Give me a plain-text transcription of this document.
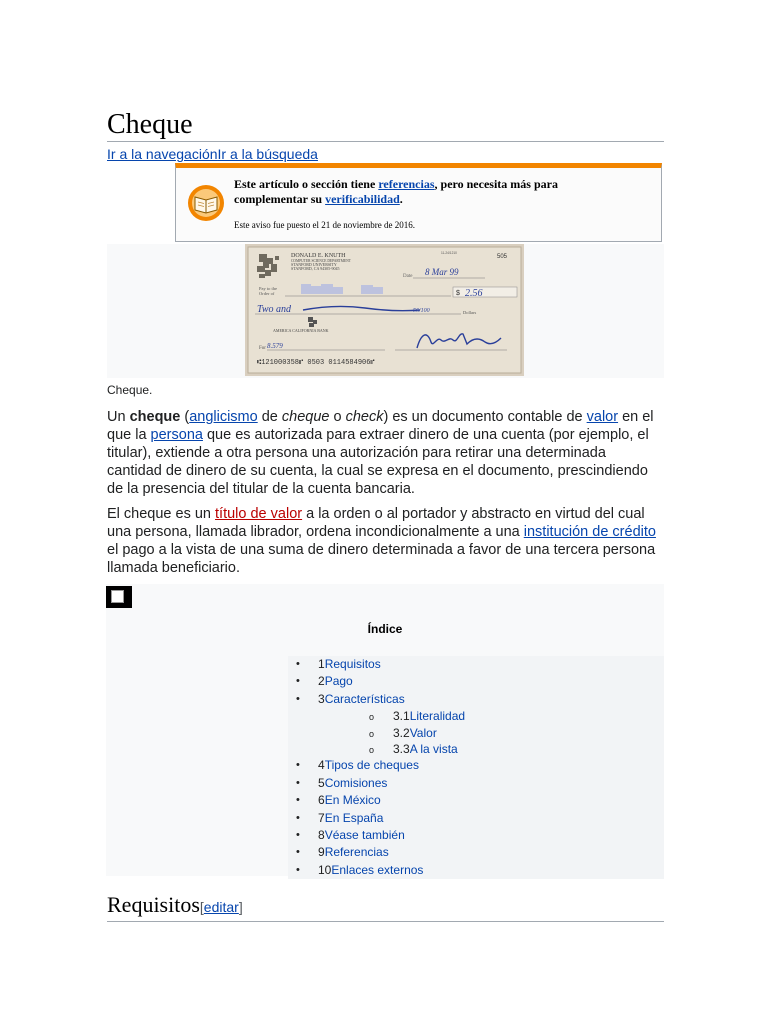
Cheque
Ir a la navegaciónIr a la búsqueda
Este artículo o sección tiene referencias, pero necesita más para complementar su verificabilidad.
Este aviso fue puesto el 21 de noviembre de 2016.
DONALD E. KNUTH
COMPUTER SCIENCE DEPARTMENT
STANFORD UNIVERSITY
STANFORD, CA 94305-9045
11-24/1210
505
Date 8 Mar 99
Pay to the
Order of	$ 2.56
Two and	56/100	Dollars
AMERICA CALIFORNIA BANK
For 8.579
⑆121000358⑈ 0503 0114584906⑈
Cheque.
Un cheque (anglicismo de cheque o check) es un documento contable de valor en el que la persona que es autorizada para extraer dinero de una cuenta (por ejemplo, el titular), extiende a otra persona una autorización para retirar una determinada cantidad de dinero de su cuenta, la cual se expresa en el documento, prescindiendo de la presencia del titular de la cuenta bancaria.
El cheque es un título de valor a la orden o al portador y abstracto en virtud del cual una persona, llamada librador, ordena incondicionalmente a una institución de crédito el pago a la vista de una suma de dinero determinada a favor de una tercera persona llamada beneficiario.
Índice
• 1Requisitos
• 2Pago
• 3Características
o 3.1Literalidad
o 3.2Valor
o 3.3A la vista
• 4Tipos de cheques
• 5Comisiones
• 6En México
• 7En España
• 8Véase también
• 9Referencias
• 10Enlaces externos
Requisitos[editar]
